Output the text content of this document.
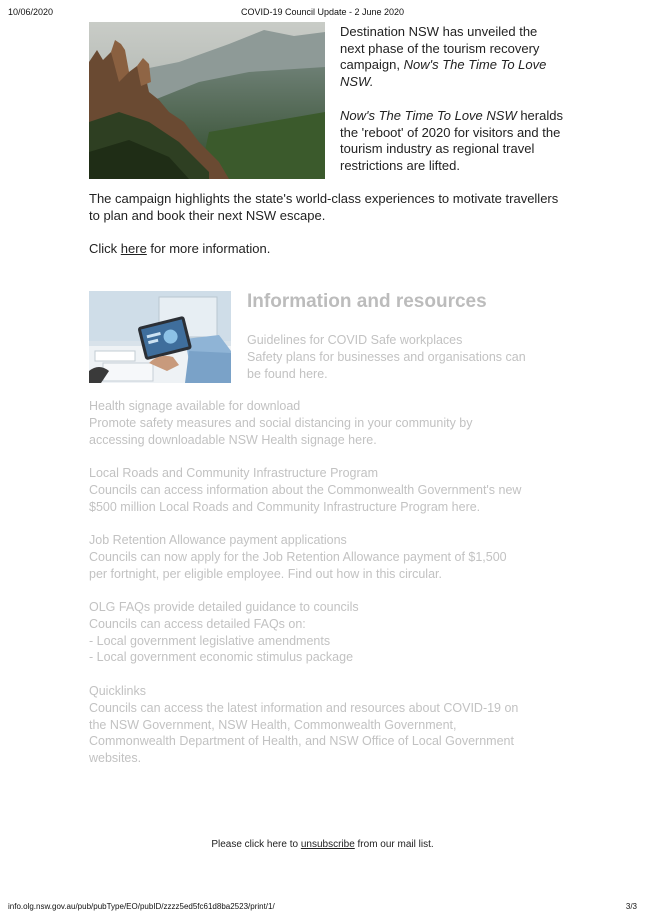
10/06/2020	COVID-19 Council Update - 2 June 2020

Destination NSW has unveiled the next phase of the tourism recovery campaign, Now's The Time To Love NSW.

Now's The Time To Love NSW heralds the 'reboot' of 2020 for visitors and the tourism industry as regional travel restrictions are lifted.

The campaign highlights the state's world-class experiences to motivate travellers to plan and book their next NSW escape.
Click here for more information.
Information and resources
Guidelines for COVID Safe workplaces
Safety plans for businesses and organisations can
be found here.
Health signage available for download
Promote safety measures and social distancing in your community by
accessing downloadable NSW Health signage here.
Local Roads and Community Infrastructure Program
Councils can access information about the Commonwealth Government's new
$500 million Local Roads and Community Infrastructure Program here.
Job Retention Allowance payment applications
Councils can now apply for the Job Retention Allowance payment of $1,500
per fortnight, per eligible employee. Find out how in this circular.
OLG FAQs provide detailed guidance to councils
Councils can access detailed FAQs on:
- Local government legislative amendments
- Local government economic stimulus package
Quicklinks
Councils can access the latest information and resources about COVID-19 on
the NSW Government, NSW Health, Commonwealth Government,
Commonwealth Department of Health, and NSW Office of Local Government
websites.
Please click here to unsubscribe from our mail list.
info.olg.nsw.gov.au/pub/pubType/EO/pubID/zzzz5ed5fc61d8ba2523/print/1/	3/3
